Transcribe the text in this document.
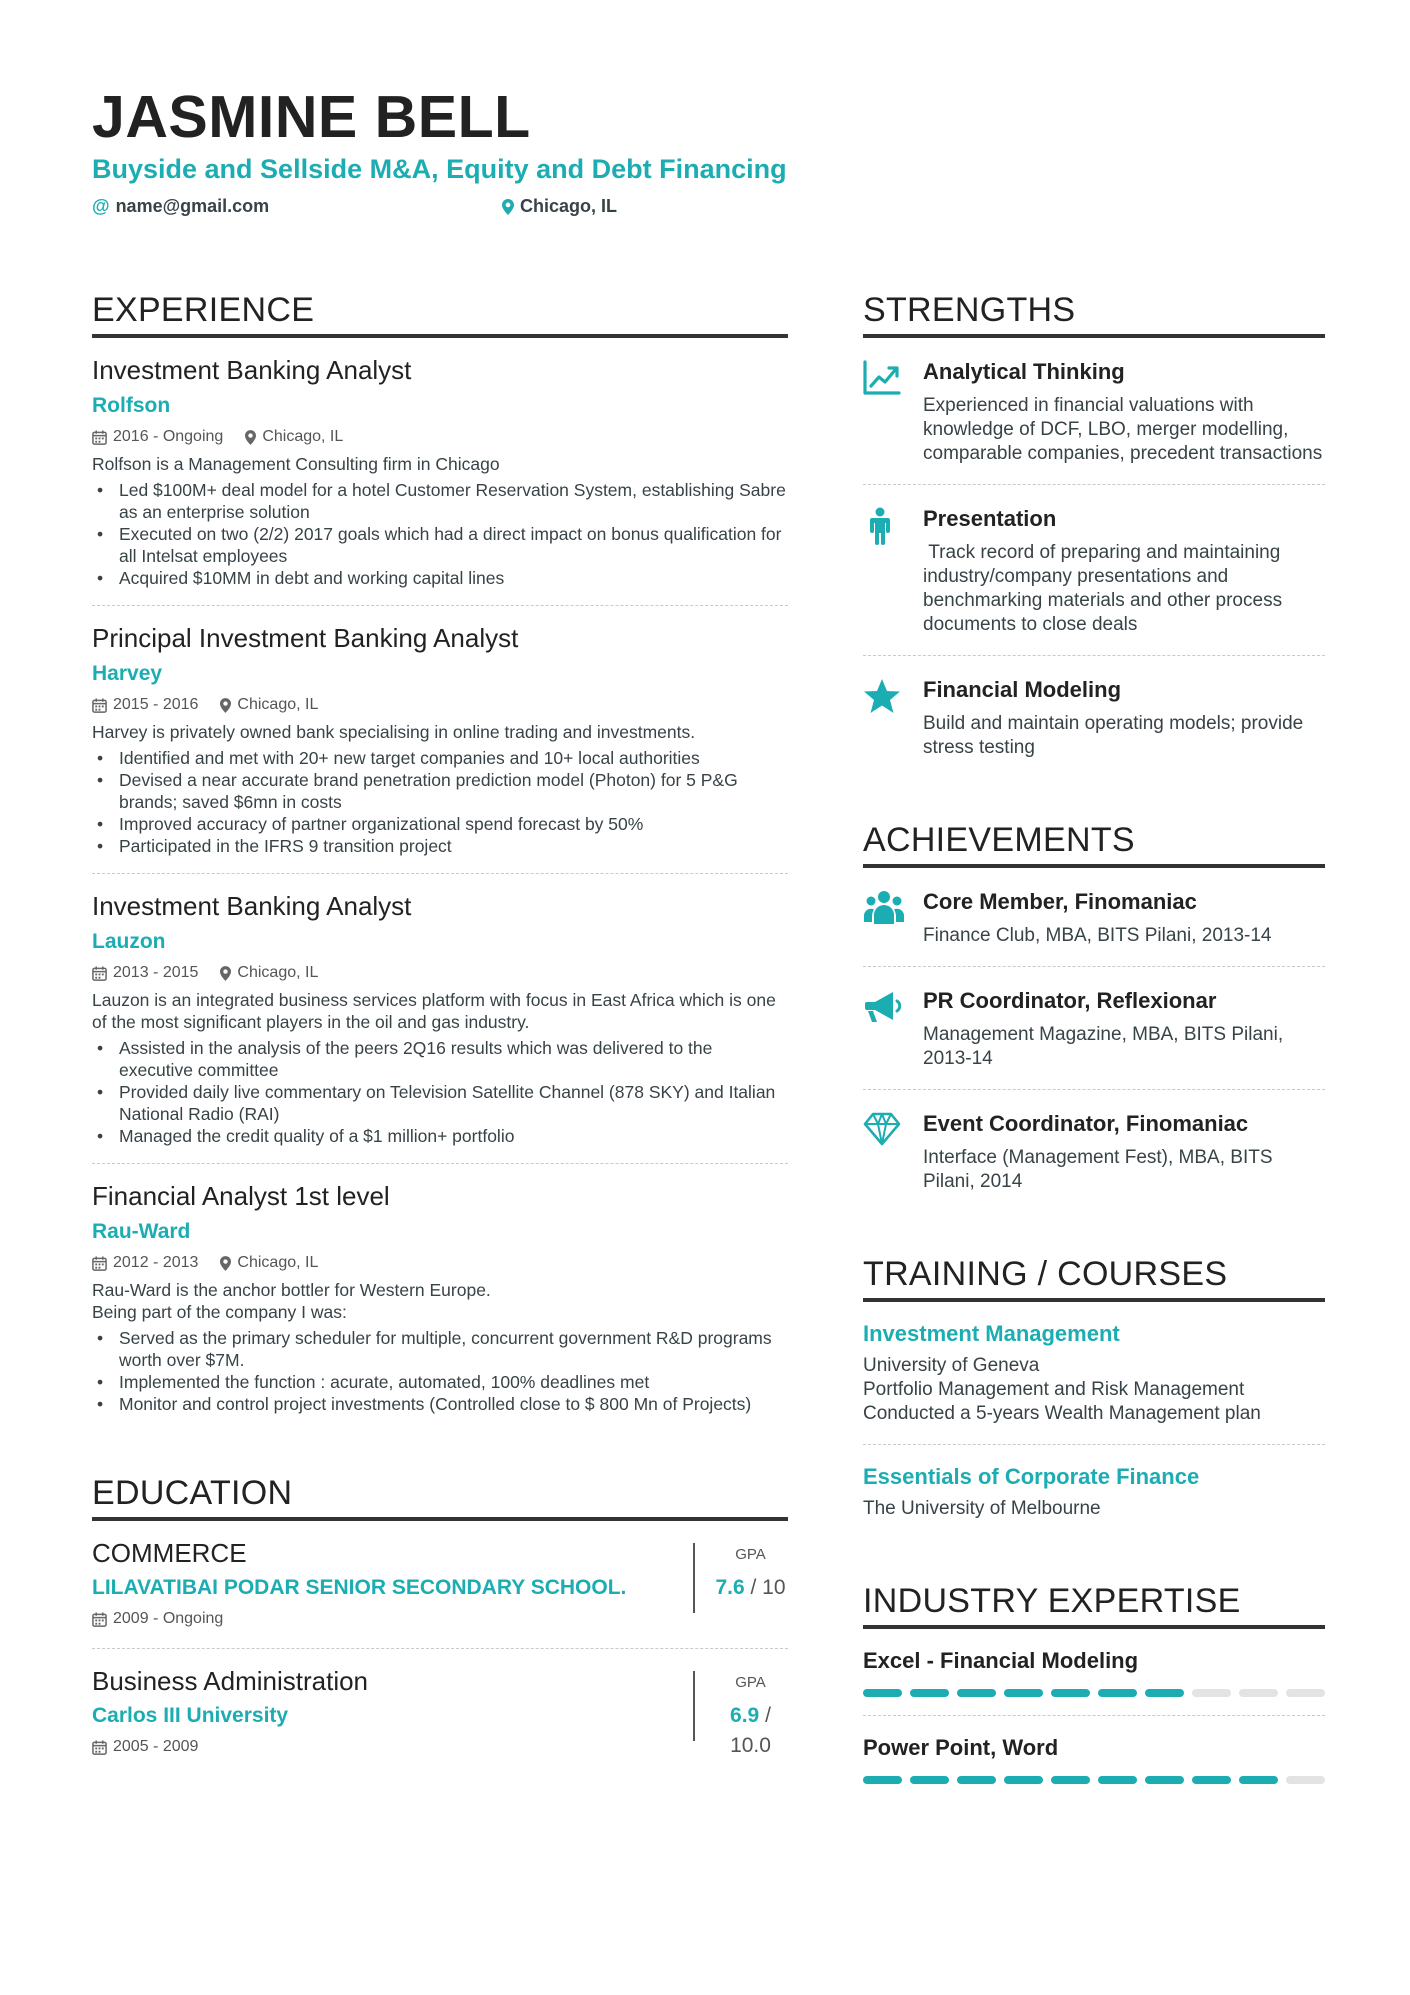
JASMINE BELL
Buyside and Sellside M&A, Equity and Debt Financing
@ name@gmail.com	Chicago, IL
EXPERIENCE
Investment Banking Analyst
Rolfson
2016 - Ongoing Chicago, IL
Rolfson is a Management Consulting firm in Chicago
• Led $100M+ deal model for a hotel Customer Reservation System, establishing Sabre as an enterprise solution
• Executed on two (2/2) 2017 goals which had a direct impact on bonus qualification for all Intelsat employees
• Acquired $10MM in debt and working capital lines
Principal Investment Banking Analyst
Harvey
2015 - 2016 Chicago, IL
Harvey is privately owned bank specialising in online trading and investments.
• Identified and met with 20+ new target companies and 10+ local authorities
• Devised a near accurate brand penetration prediction model (Photon) for 5 P&G brands; saved $6mn in costs
• Improved accuracy of partner organizational spend forecast by 50%
• Participated in the IFRS 9 transition project
Investment Banking Analyst
Lauzon
2013 - 2015 Chicago, IL
Lauzon is an integrated business services platform with focus in East Africa which is one of the most significant players in the oil and gas industry.
• Assisted in the analysis of the peers 2Q16 results which was delivered to the executive committee
• Provided daily live commentary on Television Satellite Channel (878 SKY) and Italian National Radio (RAI)
• Managed the credit quality of a $1 million+ portfolio
Financial Analyst 1st level
Rau-Ward
2012 - 2013 Chicago, IL
Rau-Ward is the anchor bottler for Western Europe.
Being part of the company I was:
• Served as the primary scheduler for multiple, concurrent government R&D programs worth over $7M.
• Implemented the function : acurate, automated, 100% deadlines met
• Monitor and control project investments (Controlled close to $ 800 Mn of Projects)
EDUCATION
COMMERCE
LILAVATIBAI PODAR SENIOR SECONDARY SCHOOL.
2009 - Ongoing
GPA
7.6 / 10
Business Administration
Carlos III University
2005 - 2009
GPA
6.9 / 10.0
STRENGTHS
Analytical Thinking
Experienced in financial valuations with knowledge of DCF, LBO, merger modelling, comparable companies, precedent transactions
Presentation
Track record of preparing and maintaining industry/company presentations and benchmarking materials and other process documents to close deals
Financial Modeling
Build and maintain operating models; provide stress testing
ACHIEVEMENTS
Core Member, Finomaniac
Finance Club, MBA, BITS Pilani, 2013-14
PR Coordinator, Reflexionar
Management Magazine, MBA, BITS Pilani, 2013-14
Event Coordinator, Finomaniac
Interface (Management Fest), MBA, BITS Pilani, 2014
TRAINING / COURSES
Investment Management
University of Geneva
Portfolio Management and Risk Management
Conducted a 5-years Wealth Management plan
Essentials of Corporate Finance
The University of Melbourne
INDUSTRY EXPERTISE
Excel - Financial Modeling
Power Point, Word
